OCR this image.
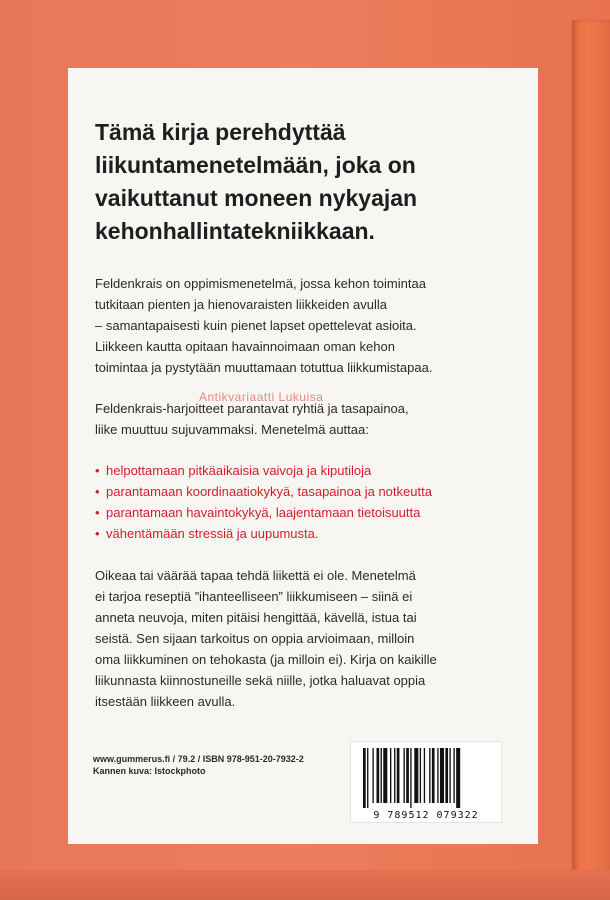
Tämä kirja perehdyttää
liikuntamenetelmään, joka on
vaikuttanut moneen nykyajan
kehonhallintatekniikkaan.

Feldenkrais on oppimismenetelmä, jossa kehon toimintaa
tutkitaan pienten ja hienovaraisten liikkeiden avulla
– samantapaisesti kuin pienet lapset opettelevat asioita.
Liikkeen kautta opitaan havainnoimaan oman kehon
toimintaa ja pystytään muuttamaan totuttua liikkumistapaa.

Feldenkrais-harjoitteet parantavat ryhtiä ja tasapainoa,
liike muuttuu sujuvammaksi. Menetelmä auttaa:

Antikvariaatti Lukuisa
• helpottamaan pitkäaikaisia vaivoja ja kiputiloja
• parantamaan koordinaatiokykyä, tasapainoa ja notkeutta
• parantamaan havaintokykyä, laajentamaan tietoisuutta
• vähentämään stressiä ja uupumusta.

Oikeaa tai väärää tapaa tehdä liikettä ei ole. Menetelmä
ei tarjoa reseptiä ”ihanteelliseen” liikkumiseen – siinä ei
anneta neuvoja, miten pitäisi hengittää, kävellä, istua tai
seistä. Sen sijaan tarkoitus on oppia arvioimaan, milloin
oma liikkuminen on tehokasta (ja milloin ei). Kirja on kaikille
liikunnasta kiinnostuneille sekä niille, jotka haluavat oppia
itsestään liikkeen avulla.

www.gummerus.fi / 79.2 / ISBN 978-951-20-7932-2
Kannen kuva: Istockphoto
9 789512 079322
